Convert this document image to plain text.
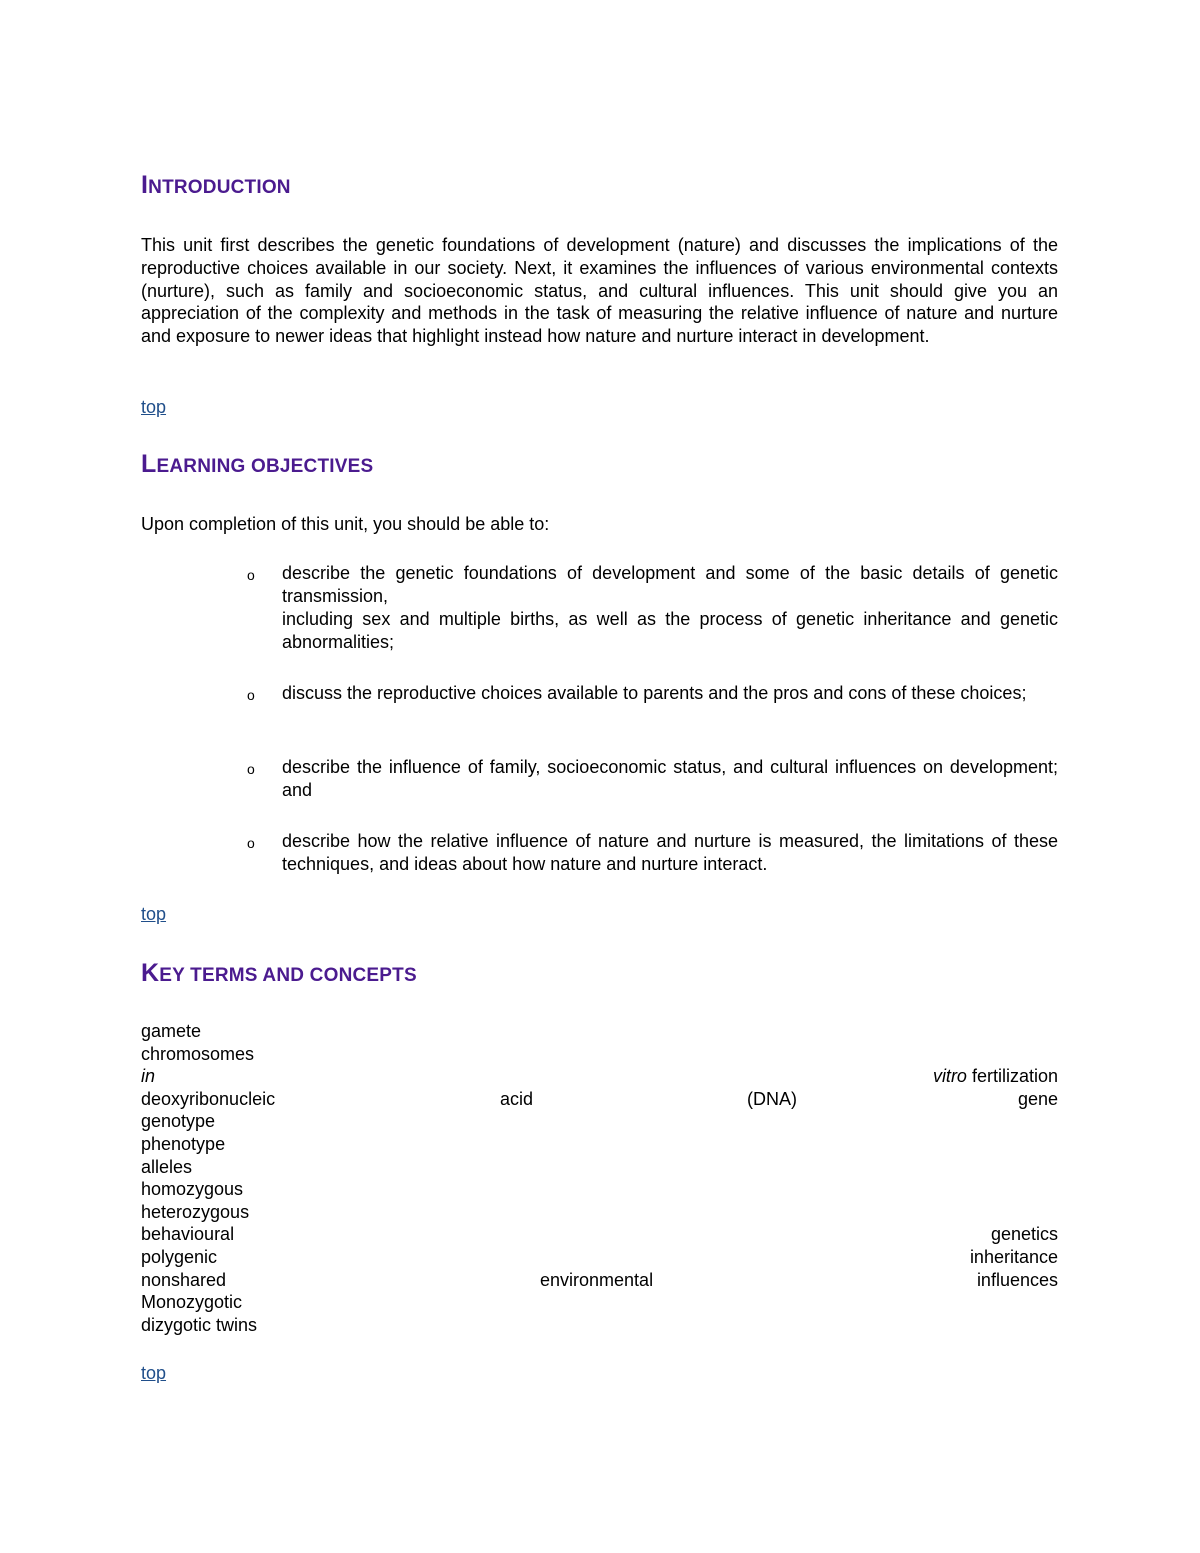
INTRODUCTION

This unit first describes the genetic foundations of development (nature) and discusses the implications of the reproductive choices available in our society. Next, it examines the influences of various environmental contexts (nurture), such as family and socioeconomic status, and cultural influences. This unit should give you an appreciation of the complexity and methods in the task of measuring the relative influence of nature and nurture and exposure to newer ideas that highlight instead how nature and nurture interact in development.

top
LEARNING OBJECTIVES

Upon completion of this unit, you should be able to:

o describe the genetic foundations of development and some of the basic details of genetic transmission,
including sex and multiple births, as well as the process of genetic inheritance and genetic abnormalities;
o discuss the reproductive choices available to parents and the pros and cons of these choices;
o describe the influence of family, socioeconomic status, and cultural influences on development; and
o describe how the relative influence of nature and nurture is measured, the limitations of these techniques, and ideas about how nature and nurture interact.
top
KEY TERMS AND CONCEPTS
gamete
chromosomes
in	vitro fertilization
deoxyribonucleic	acid	(DNA)	gene
genotype
phenotype
alleles
homozygous
heterozygous
behavioural	genetics
polygenic	inheritance
nonshared	environmental	influences
Monozygotic
dizygotic twins
top
